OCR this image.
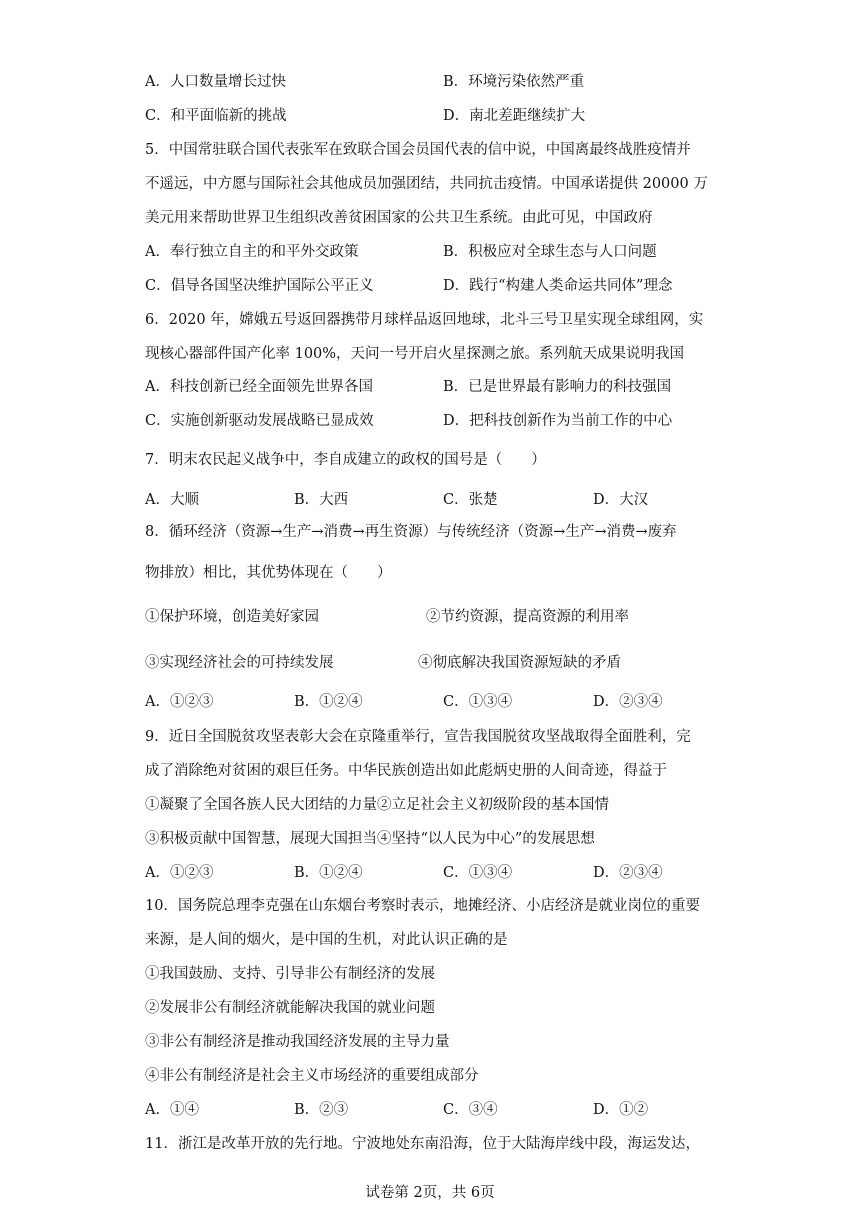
A．人口数量增长过快	B．环境污染依然严重
C．和平面临新的挑战	D．南北差距继续扩大
5．中国常驻联合国代表张军在致联合国会员国代表的信中说，中国离最终战胜疫情并
不遥远，中方愿与国际社会其他成员加强团结，共同抗击疫情。中国承诺提供 20000 万
美元用来帮助世界卫生组织改善贫困国家的公共卫生系统。由此可见，中国政府
A．奉行独立自主的和平外交政策	B．积极应对全球生态与人口问题
C．倡导各国坚决维护国际公平正义	D．践行“构建人类命运共同体”理念
6．2020 年，嫦娥五号返回器携带月球样品返回地球，北斗三号卫星实现全球组网，实
现核心器部件国产化率 100%，天问一号开启火星探测之旅。系列航天成果说明我国
A．科技创新已经全面领先世界各国	B．已是世界最有影响力的科技强国
C．实施创新驱动发展战略已显成效	D．把科技创新作为当前工作的中心
7．明末农民起义战争中，李自成建立的政权的国号是（　　）
A．大顺	B．大西	C．张楚	D．大汉
8．循环经济（资源→生产→消费→再生资源）与传统经济（资源→生产→消费→废弃
物排放）相比，其优势体现在（　　）
①保护环境，创造美好家园	②节约资源，提高资源的利用率
③实现经济社会的可持续发展	④彻底解决我国资源短缺的矛盾
A．①②③	B．①②④	C．①③④	D．②③④
9．近日全国脱贫攻坚表彰大会在京隆重举行，宣告我国脱贫攻坚战取得全面胜利，完
成了消除绝对贫困的艰巨任务。中华民族创造出如此彪炳史册的人间奇迹，得益于
①凝聚了全国各族人民大团结的力量②立足社会主义初级阶段的基本国情
③积极贡献中国智慧，展现大国担当④坚持“以人民为中心”的发展思想
A．①②③	B．①②④	C．①③④	D．②③④
10．国务院总理李克强在山东烟台考察时表示，地摊经济、小店经济是就业岗位的重要
来源，是人间的烟火，是中国的生机，对此认识正确的是
①我国鼓励、支持、引导非公有制经济的发展
②发展非公有制经济就能解决我国的就业问题
③非公有制经济是推动我国经济发展的主导力量
④非公有制经济是社会主义市场经济的重要组成部分
A．①④	B．②③	C．③④	D．①②
11．浙江是改革开放的先行地。宁波地处东南沿海，位于大陆海岸线中段，海运发达，
试卷第 2页，共 6页
